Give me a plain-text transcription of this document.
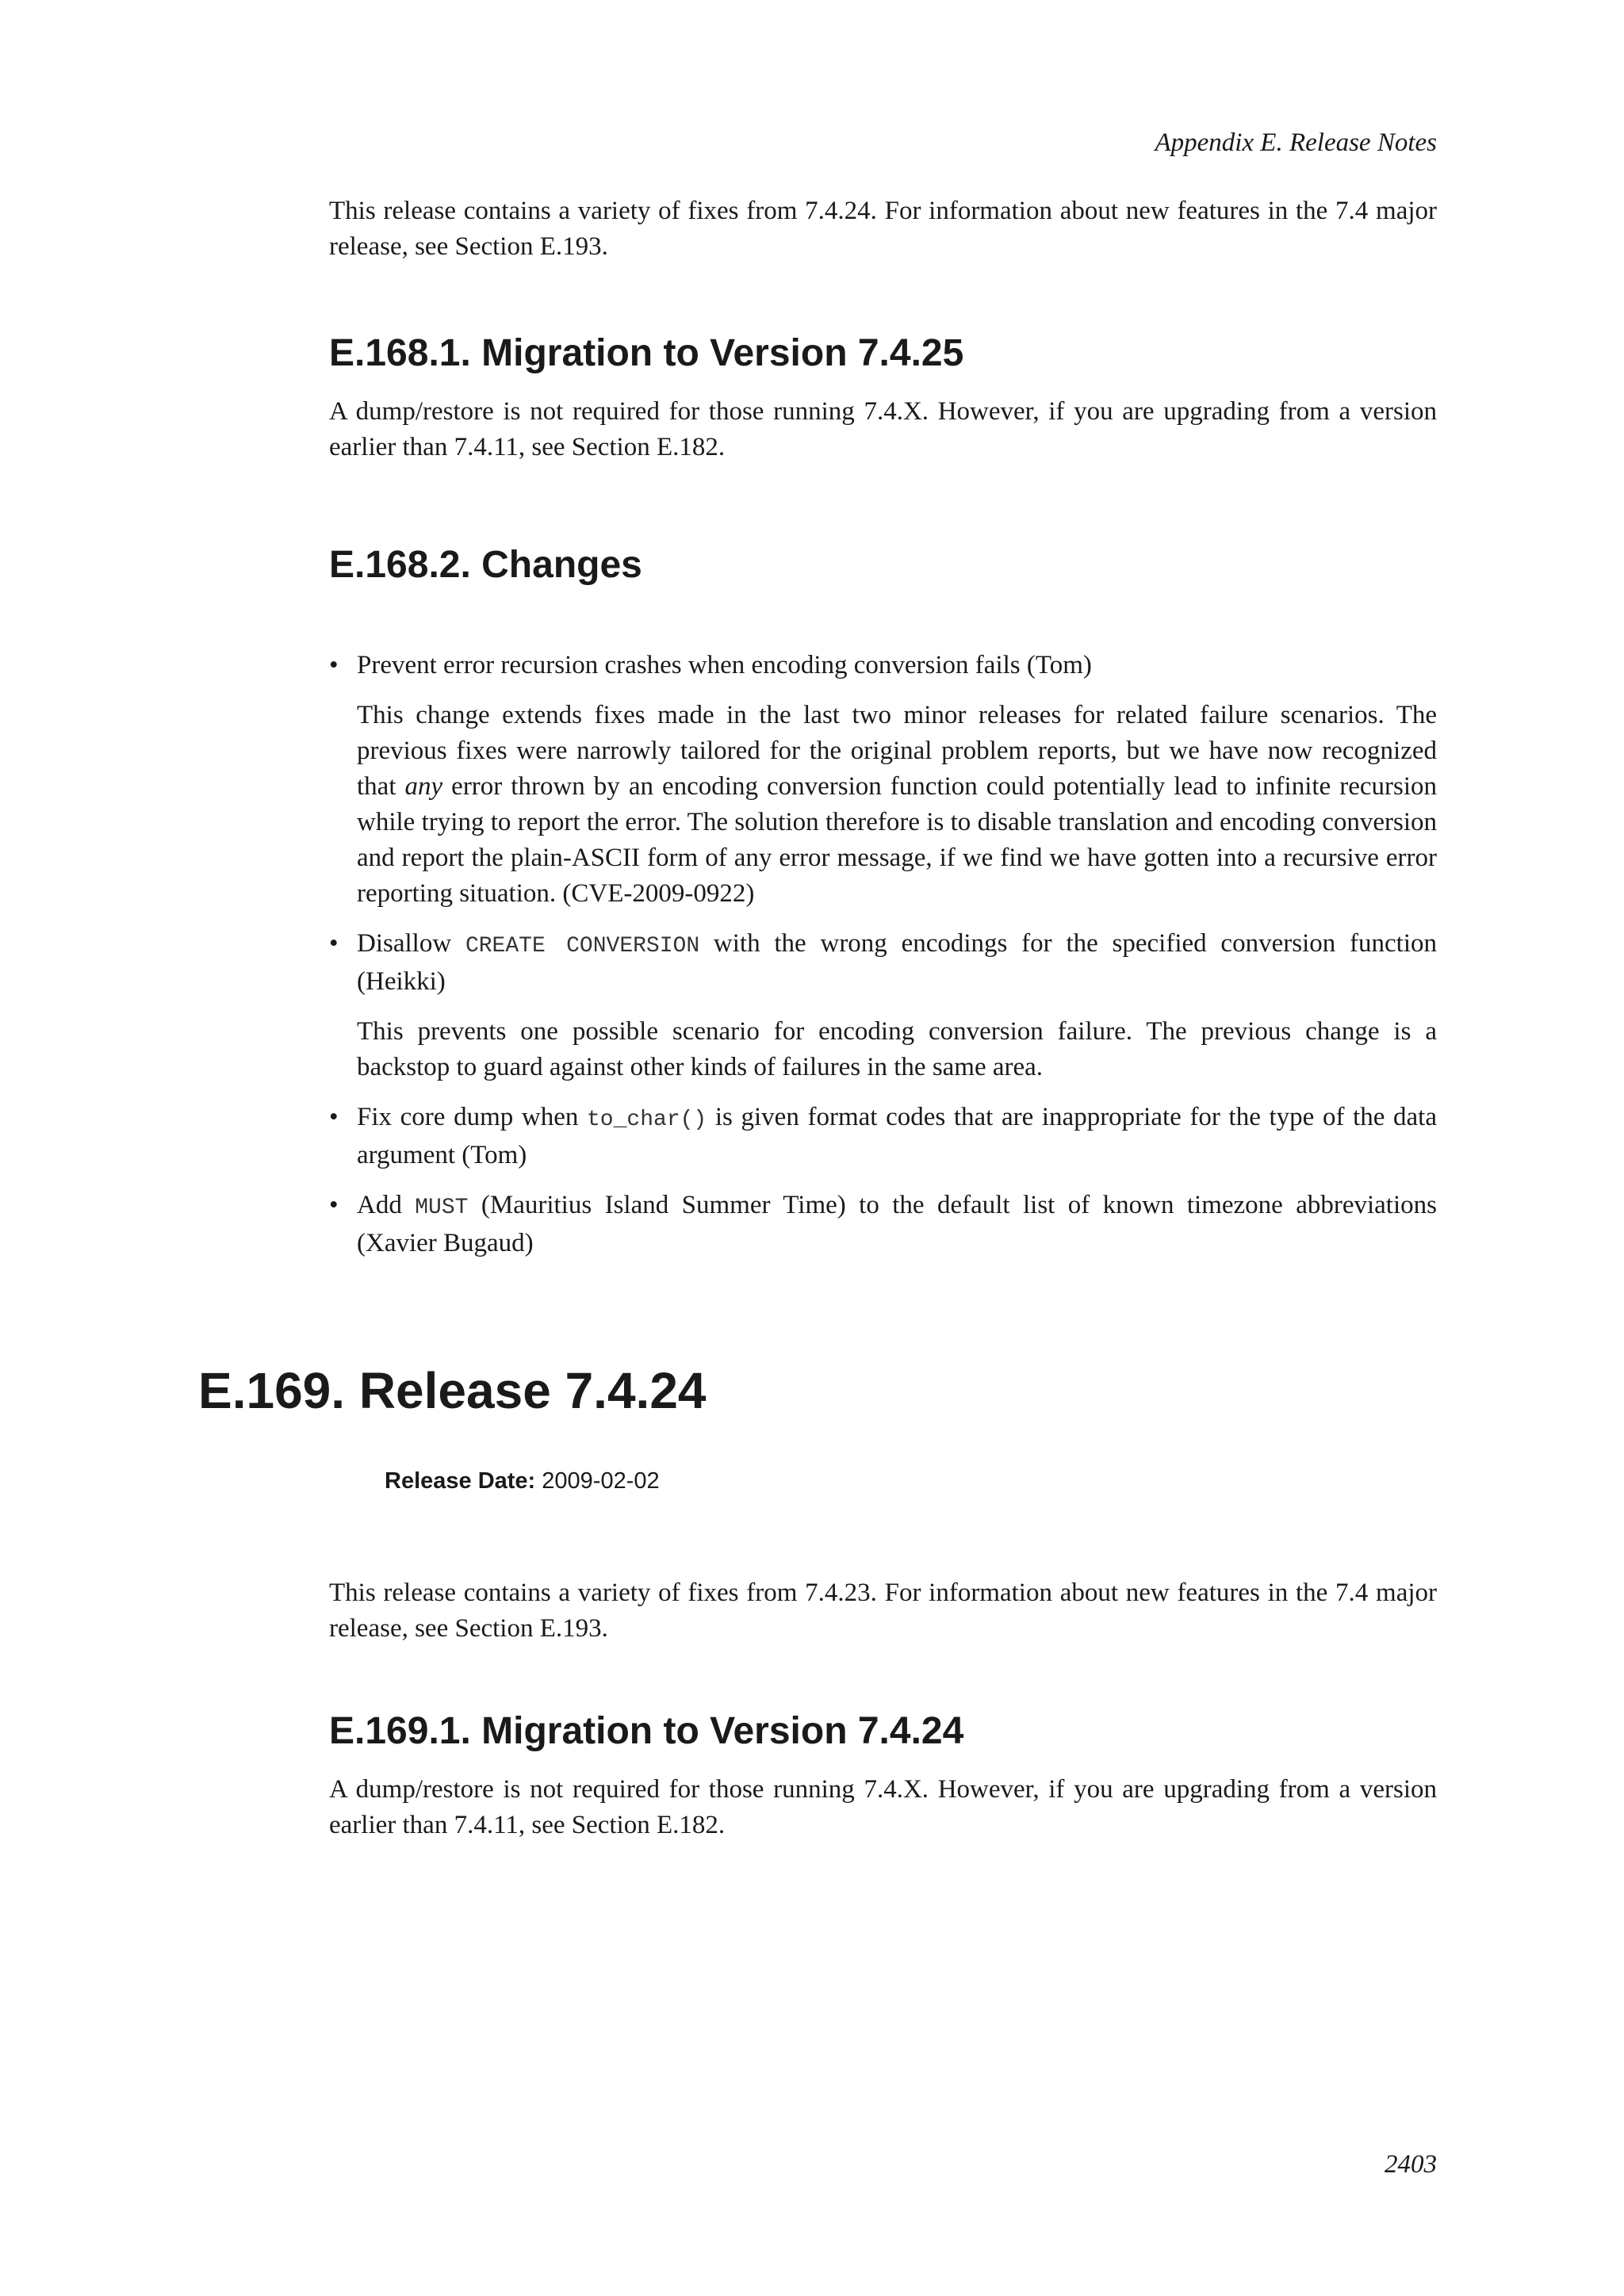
Appendix E. Release Notes

This release contains a variety of fixes from 7.4.24. For information about new features in the 7.4 major release, see Section E.193.

E.168.1. Migration to Version 7.4.25

A dump/restore is not required for those running 7.4.X. However, if you are upgrading from a version earlier than 7.4.11, see Section E.182.

E.168.2. Changes
• Prevent error recursion crashes when encoding conversion fails (Tom)

This change extends fixes made in the last two minor releases for related failure scenarios. The previous fixes were narrowly tailored for the original problem reports, but we have now recognized that any error thrown by an encoding conversion function could potentially lead to infinite recursion while trying to report the error. The solution therefore is to disable translation and encoding conversion and report the plain-ASCII form of any error message, if we find we have gotten into a recursive error reporting situation. (CVE-2009-0922)

• Disallow CREATE CONVERSION with the wrong encodings for the specified conversion function (Heikki)

This prevents one possible scenario for encoding conversion failure. The previous change is a backstop to guard against other kinds of failures in the same area.

• Fix core dump when to_char() is given format codes that are inappropriate for the type of the data argument (Tom)

• Add MUST (Mauritius Island Summer Time) to the default list of known timezone abbreviations (Xavier Bugaud)

E.169. Release 7.4.24
Release Date: 2009-02-02

This release contains a variety of fixes from 7.4.23. For information about new features in the 7.4 major release, see Section E.193.

E.169.1. Migration to Version 7.4.24

A dump/restore is not required for those running 7.4.X. However, if you are upgrading from a version earlier than 7.4.11, see Section E.182.

2403
